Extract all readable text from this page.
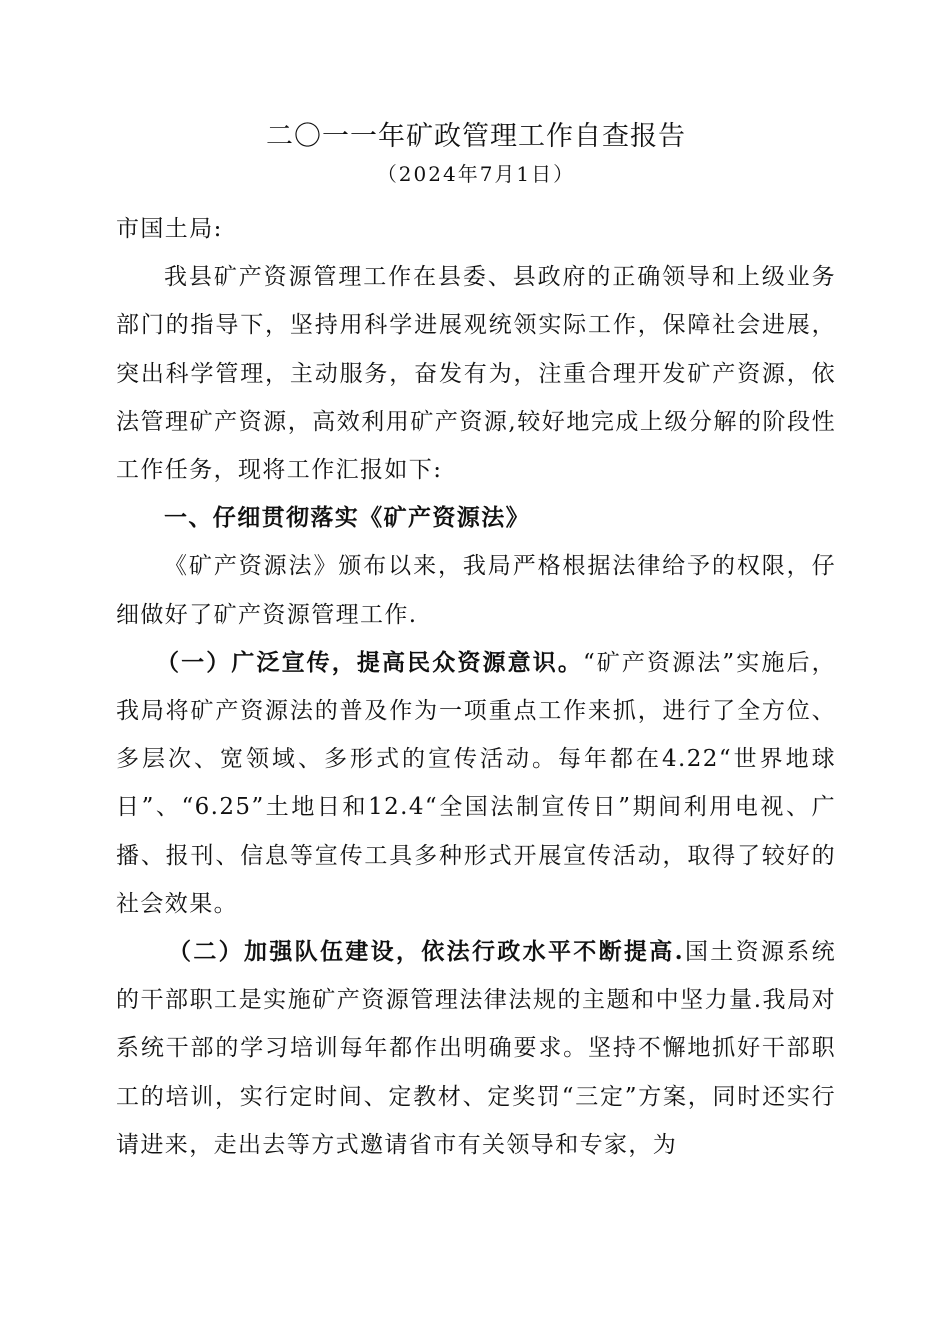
二〇一一年矿政管理工作自查报告
（2024年7月1日）

市国土局:

我县矿产资源管理工作在县委、县政府的正确领导和上级业务部门的指导下，坚持用科学进展观统领实际工作，保障社会进展，突出科学管理，主动服务，奋发有为，注重合理开发矿产资源，依法管理矿产资源，高效利用矿产资源,较好地完成上级分解的阶段性工作任务，现将工作汇报如下:

一、仔细贯彻落实《矿产资源法》

《矿产资源法》颁布以来，我局严格根据法律给予的权限，仔细做好了矿产资源管理工作.

（一）广泛宣传，提高民众资源意识。“矿产资源法”实施后，我局将矿产资源法的普及作为一项重点工作来抓，进行了全方位、多层次、宽领域、多形式的宣传活动。每年都在4.22“世界地球日”、“6.25”土地日和12.4“全国法制宣传日”期间利用电视、广播、报刊、信息等宣传工具多种形式开展宣传活动，取得了较好的社会效果。

（二）加强队伍建设，依法行政水平不断提高.国土资源系统的干部职工是实施矿产资源管理法律法规的主题和中坚力量.我局对系统干部的学习培训每年都作出明确要求。坚持不懈地抓好干部职工的培训，实行定时间、定教材、定奖罚“三定”方案，同时还实行请进来，走出去等方式邀请省市有关领导和专家，为
